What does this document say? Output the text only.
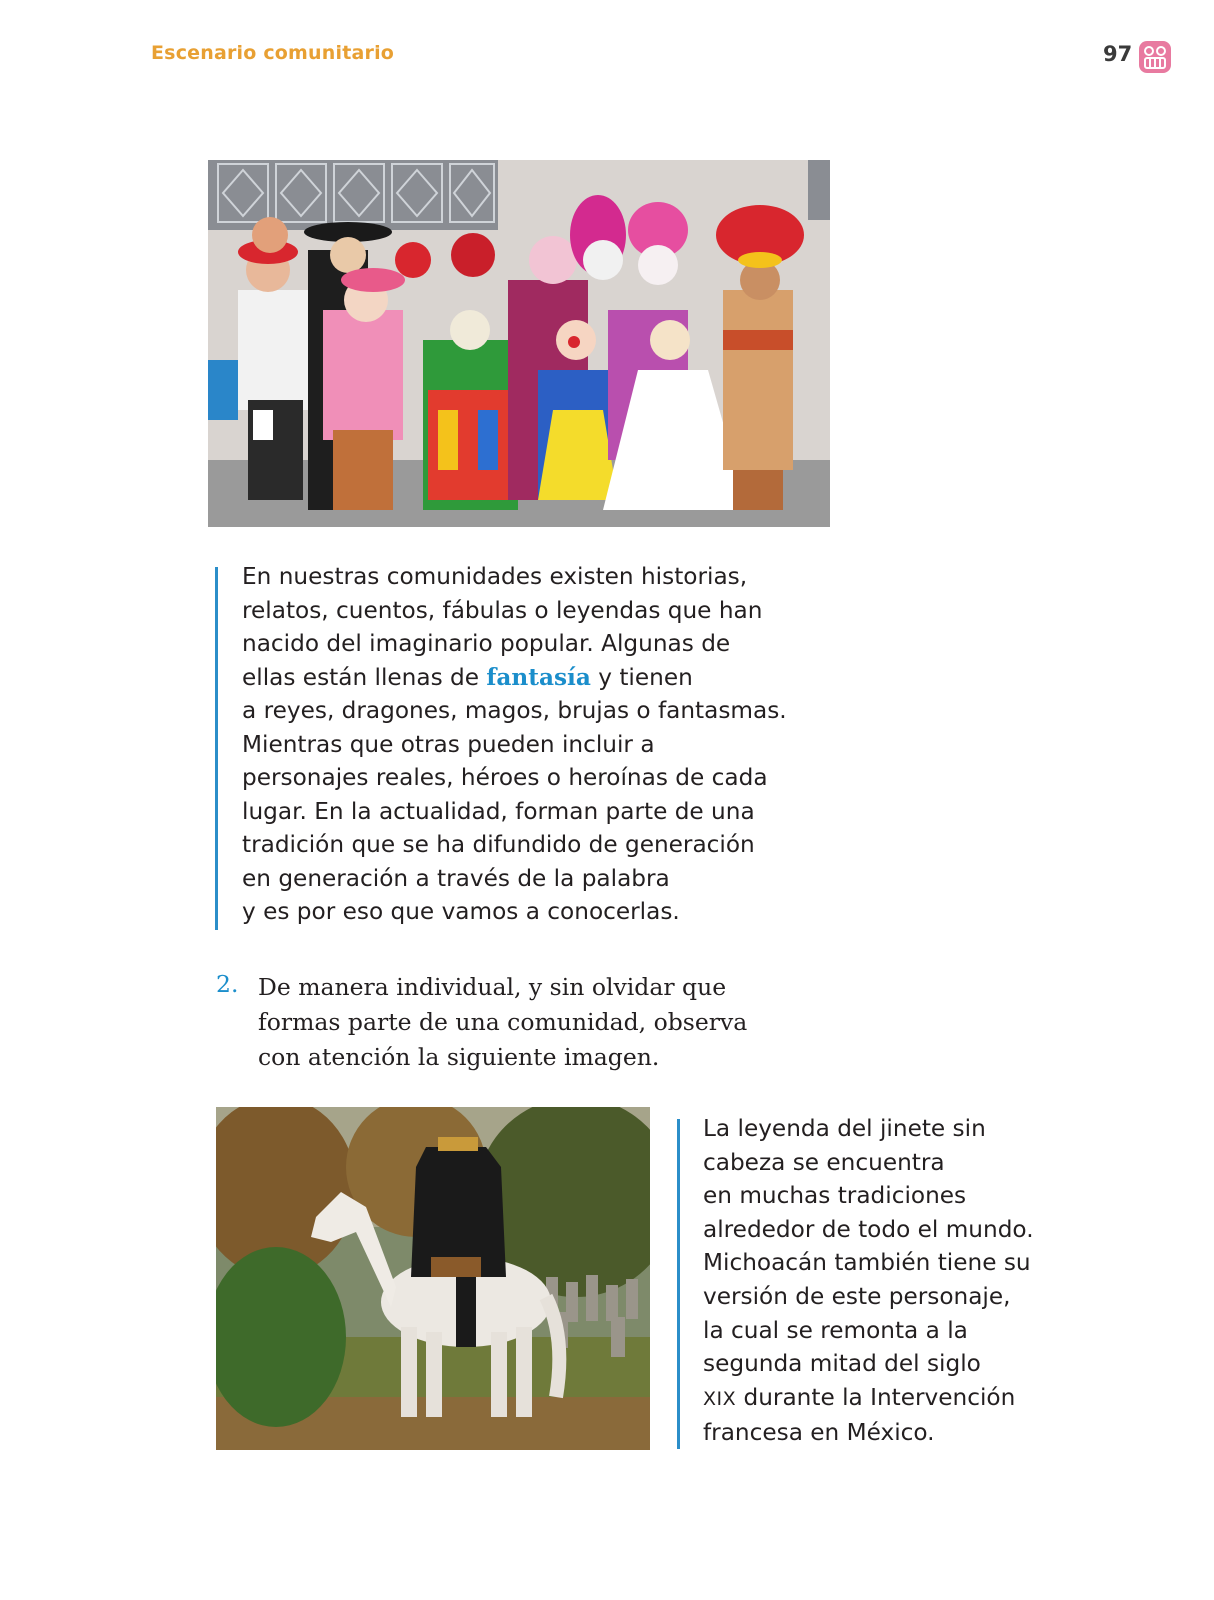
Escenario comunitario	97

En nuestras comunidades existen historias,
relatos, cuentos, fábulas o leyendas que han
nacido del imaginario popular. Algunas de
ellas están llenas de fantasía y tienen
a reyes, dragones, magos, brujas o fantasmas.
Mientras que otras pueden incluir a
personajes reales, héroes o heroínas de cada
lugar. En la actualidad, forman parte de una
tradición que se ha difundido de generación
en generación a través de la palabra
y es por eso que vamos a conocerlas.

2. De manera individual, y sin olvidar que
formas parte de una comunidad, observa
con atención la siguiente imagen.

La leyenda del jinete sin
cabeza se encuentra
en muchas tradiciones
alrededor de todo el mundo.
Michoacán también tiene su
versión de este personaje,
la cual se remonta a la
segunda mitad del siglo
XIX durante la Intervención
francesa en México.
